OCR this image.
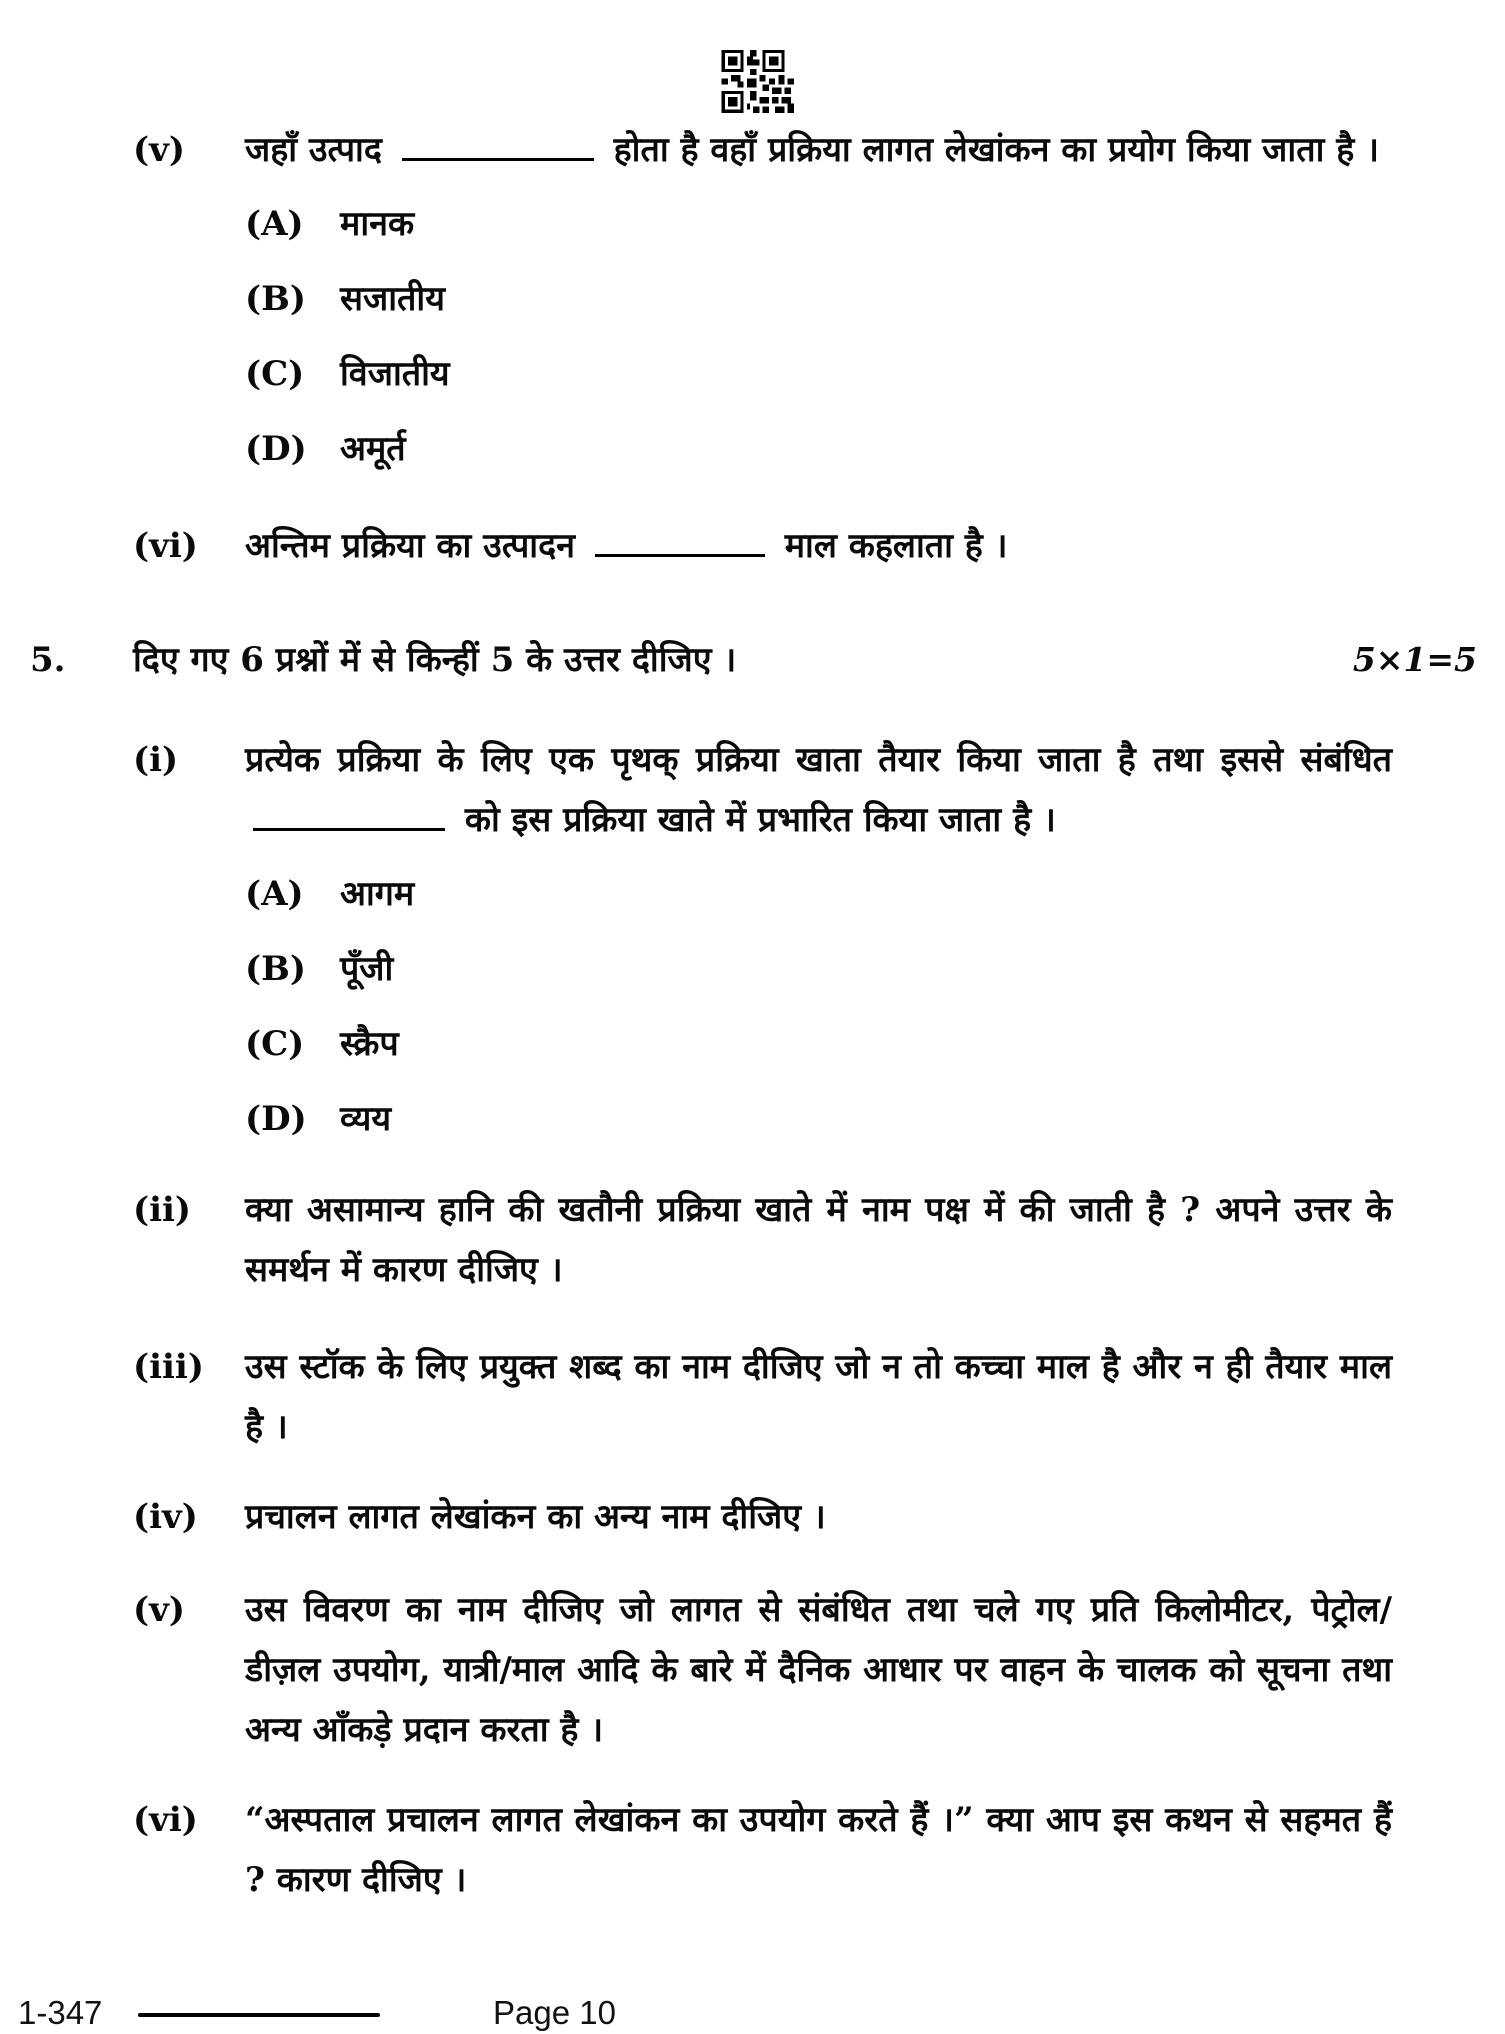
(v)	जहाँ उत्पाद	होता है वहाँ प्रक्रिया लागत लेखांकन का प्रयोग किया जाता है ।
(A)	मानक
(B)	सजातीय
(C)	विजातीय
(D) अमूर्त
(vi)	अन्तिम प्रक्रिया का उत्पादन	माल कहलाता है ।
5.	दिए गए 6 प्रश्नों में से किन्हीं 5 के उत्तर दीजिए ।	5×1=5
(i)	प्रत्येक प्रक्रिया के लिए एक पृथक् प्रक्रिया खाता तैयार किया जाता है तथा इससे संबंधित  को इस प्रक्रिया खाते में प्रभारित किया जाता है ।
(A)	आगम
(B)	पूँजी
(C)	स्क्रैप
(D) व्यय
(ii)	क्या असामान्य हानि की खतौनी प्रक्रिया खाते में नाम पक्ष में की जाती है ? अपने उत्तर के समर्थन में कारण दीजिए ।
(iii)	उस स्टॉक के लिए प्रयुक्त शब्द का नाम दीजिए जो न तो कच्चा माल है और न ही तैयार माल है ।
(iv)	प्रचालन लागत लेखांकन का अन्य नाम दीजिए ।
(v)	उस विवरण का नाम दीजिए जो लागत से संबंधित तथा चले गए प्रति किलोमीटर, पेट्रोल/डीज़ल उपयोग, यात्री/माल आदि के बारे में दैनिक आधार पर वाहन के चालक को सूचना तथा अन्य आँकड़े प्रदान करता है ।
(vi)	“अस्पताल प्रचालन लागत लेखांकन का उपयोग करते हैं ।” क्या आप इस कथन से सहमत हैं ? कारण दीजिए ।
1-347	Page 10
